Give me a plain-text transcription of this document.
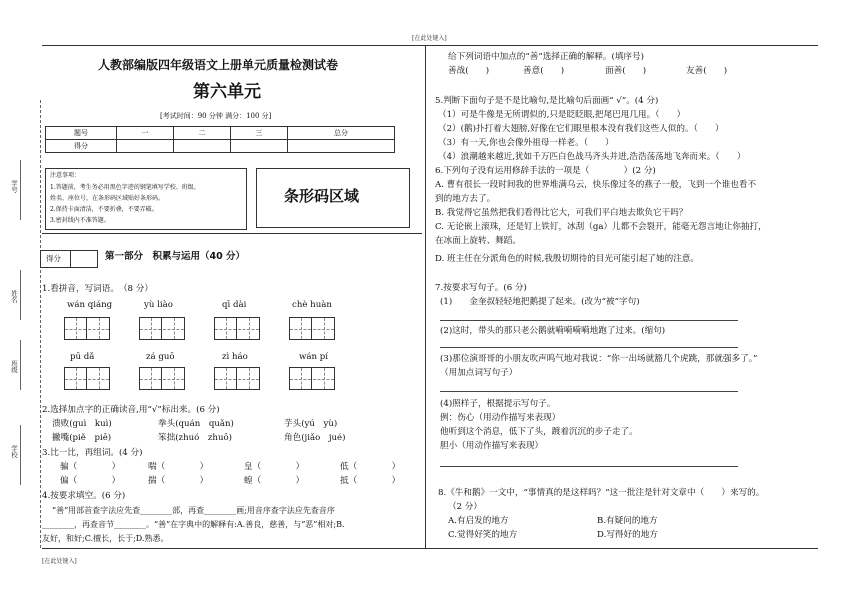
[在此处键入]
[在此处键入]
学号
姓名
班级
学校
人教部编版四年级语文上册单元质量检测试卷
第六单元
[考试时间：90 分钟 满分：100 分]
题号	一	二	三	总分
得分				
注意事项：
1.答题前，考生务必用黑色字迹的钢笔填写学校、班级、
姓名、座位号，在条形码区域贴好条形码。
2.保持卡面清洁，不要折叠，不要弄破。
3.密封线内不准答题。
条形码区域
得分	第一部分　积累与运用（40 分）
1.看拼音，写词语。　（8 分）
wán qiáng	yù liào	qī dài	chè huàn
pū dǎ	zá guō	zì háo	wán pí
2.选择加点字的正确读音,用“√”标出来。(6 分)
溃败(guì　kuì)	拳头(quán　quǎn)	芋头(yú　yù)
撇嘴(piě　piē)	笨拙(zhuó　zhuō)	角色(jiǎo　jué)
3.比一比，再组词。(4 分)
骗（　　　　）	喘（　　　　）	皇（　　　　）	低（　　　　）
偏（　　　　）	揣（　　　　）	蝗（　　　　）	抵（　　　　）
4.按要求填空。(6 分)
“善”用部首查字法应先查________部，再查________画;用音序查字法应先查音序
________，再查音节________。“善”在字典中的解释有:A.善良，慈善，与“恶”相对;B.
友好，和好;C.擅长，长于;D.熟悉。
给下列词语中加点的“善”选择正确的解释。(填序号)
善战(　　)	善意(　　)	面善(　　)	友善(　　)
5.判断下面句子是不是比喻句,是比喻句后面画“ √”。(4 分)
（1）可是牛像是无所谓似的,只是眨眨眼,把尾巴甩几甩。（　　）
（2）(鹅)扑打着大翅膀,好像在它们眼里根本没有我们这些人似的。（　　）
（3）有一天,你也会像外祖母一样老。（　　）
（4）浪潮越来越近,犹如千万匹白色战马齐头并进,浩浩荡荡地飞奔而来。（　　）
6.下列句子没有运用修辞手法的一项是（　　　　）(2 分)
A. 曹有很长一段时间我的世界堆满乌云，快乐像过冬的燕子一般，飞到一个谁也看不
到的地方去了。
B. 我觉得它虽然把我们看得比它大，可我们平白地去欺负它干吗？
C. 无论嵌上滚珠，还是钉上铁钉，冰刮（ga）儿都不会裂开，能毫无怨言地让你抽打，
在冰面上旋转、舞蹈。
D. 班主任在分派角色的时候,我殷切期待的目光可能引起了她的注意。
7.按要求写句子。(6 分)
(1)　　金奎叔轻轻地把鹅提了起来。(改为“被”字句)
(2)这时，带头的那只老公鹅就嗬嗬嗬嗬地跑了过来。(缩句)
(3)那位演哥哥的小朋友吹声呜气地对我说：“你一出场就豁几个虎跳，那就强多了。”
（用加点词写句子）
(4)照样子，根据提示写句子。
例：伤心（用动作描写来表现）
他听到这个消息，低下了头，踱着沉沉的步子走了。
胆小（用动作描写来表现）
8.《牛和鹅》一文中，“事情真的是这样吗？”这一批注是针对文章中（　　）来写的。
（2 分）
A.有启发的地方	B.有疑问的地方
C.觉得好笑的地方	D.写得好的地方
